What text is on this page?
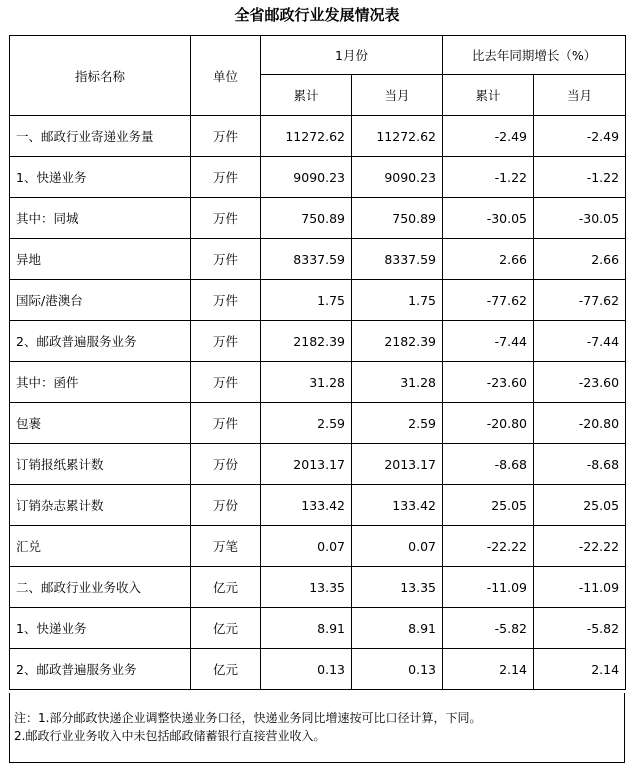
全省邮政行业发展情况表
指标名称	单位	1月份		比去年同期增长（%）	
		累计	当月	累计	当月
一、邮政行业寄递业务量	万件	11272.62	11272.62	-2.49	-2.49
1、快递业务	万件	9090.23	9090.23	-1.22	-1.22
其中：同城	万件	750.89	750.89	-30.05	-30.05
异地	万件	8337.59	8337.59	2.66	2.66
国际/港澳台	万件	1.75	1.75	-77.62	-77.62
2、邮政普遍服务业务	万件	2182.39	2182.39	-7.44	-7.44
其中：函件	万件	31.28	31.28	-23.60	-23.60
包裹	万件	2.59	2.59	-20.80	-20.80
订销报纸累计数	万份	2013.17	2013.17	-8.68	-8.68
订销杂志累计数	万份	133.42	133.42	25.05	25.05
汇兑	万笔	0.07	0.07	-22.22	-22.22
二、邮政行业业务收入	亿元	13.35	13.35	-11.09	-11.09
1、快递业务	亿元	8.91	8.91	-5.82	-5.82
2、邮政普遍服务业务	亿元	0.13	0.13	2.14	2.14
注：1.部分邮政快递企业调整快递业务口径，快递业务同比增速按可比口径计算，下同。
2.邮政行业业务收入中未包括邮政储蓄银行直接营业收入。
